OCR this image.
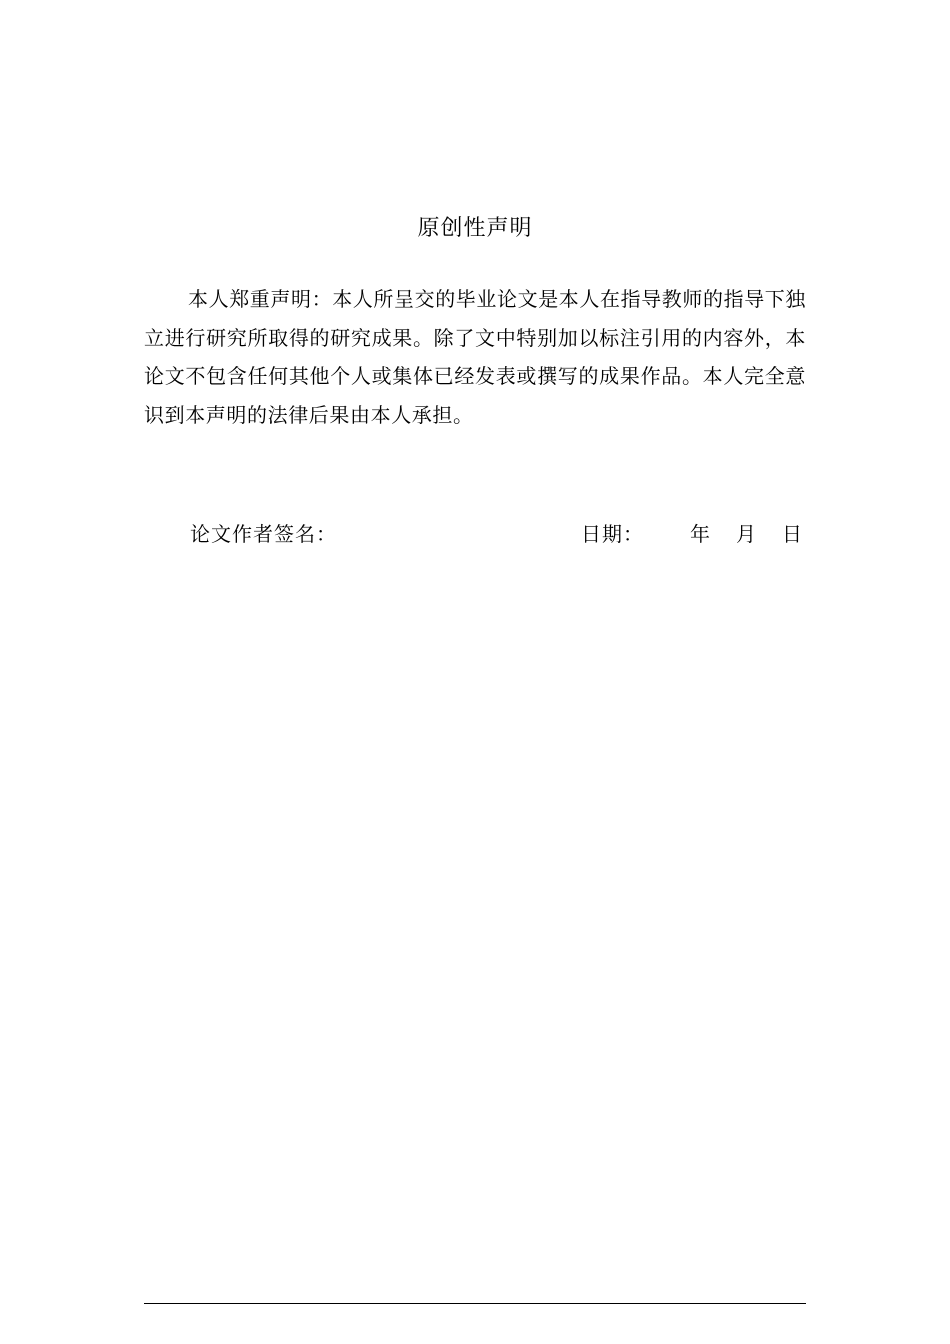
原创性声明

本人郑重声明：本人所呈交的毕业论文是本人在指导教师的指导下独立进行研究所取得的研究成果。除了文中特别加以标注引用的内容外，本论文不包含任何其他个人或集体已经发表或撰写的成果作品。本人完全意识到本声明的法律后果由本人承担。

论文作者签名：	日期： 年 月 日
